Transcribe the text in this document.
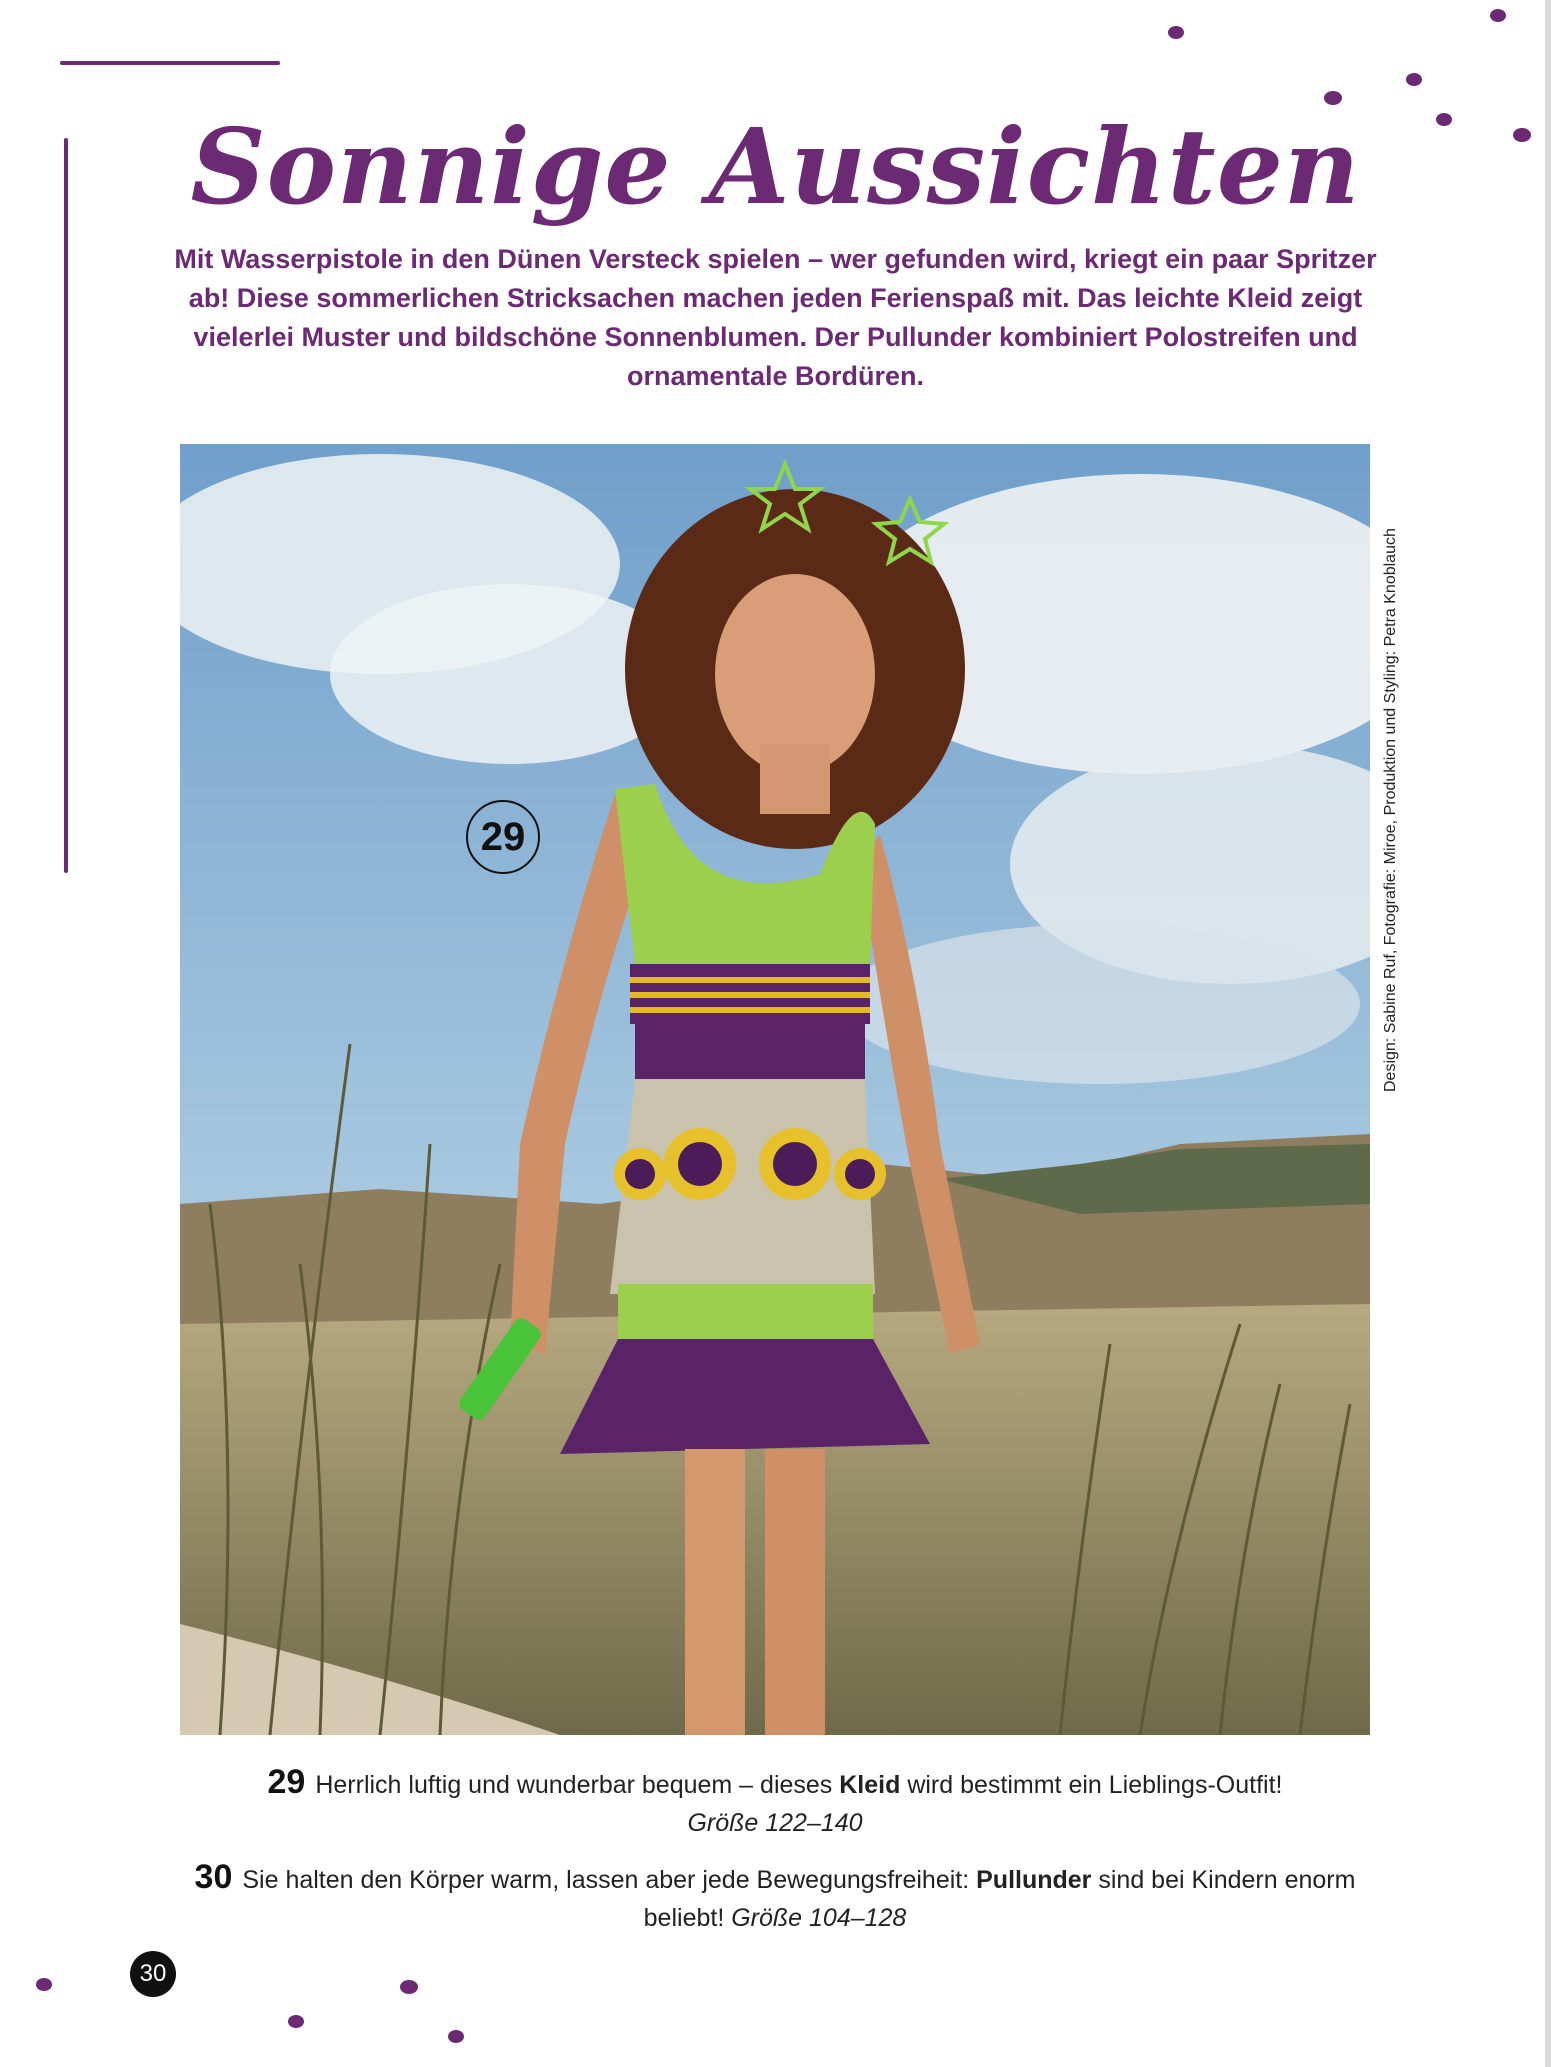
Sonnige Aussichten
Mit Wasserpistole in den Dünen Versteck spielen – wer gefunden wird, kriegt ein paar Spritzer ab! Diese sommerlichen Stricksachen machen jeden Ferienspaß mit. Das leichte Kleid zeigt vielerlei Muster und bildschöne Sonnenblumen. Der Pullunder kombiniert Polostreifen und ornamentale Bordüren.
29	Design: Sabine Ruf, Fotografie: Miroe, Produktion und Styling: Petra Knoblauch
29 Herrlich luftig und wunderbar bequem – dieses Kleid wird bestimmt ein Lieblings-Outfit!
Größe 122–140
30 Sie halten den Körper warm, lassen aber jede Bewegungsfreiheit: Pullunder sind bei Kindern enorm beliebt! Größe 104–128
30
